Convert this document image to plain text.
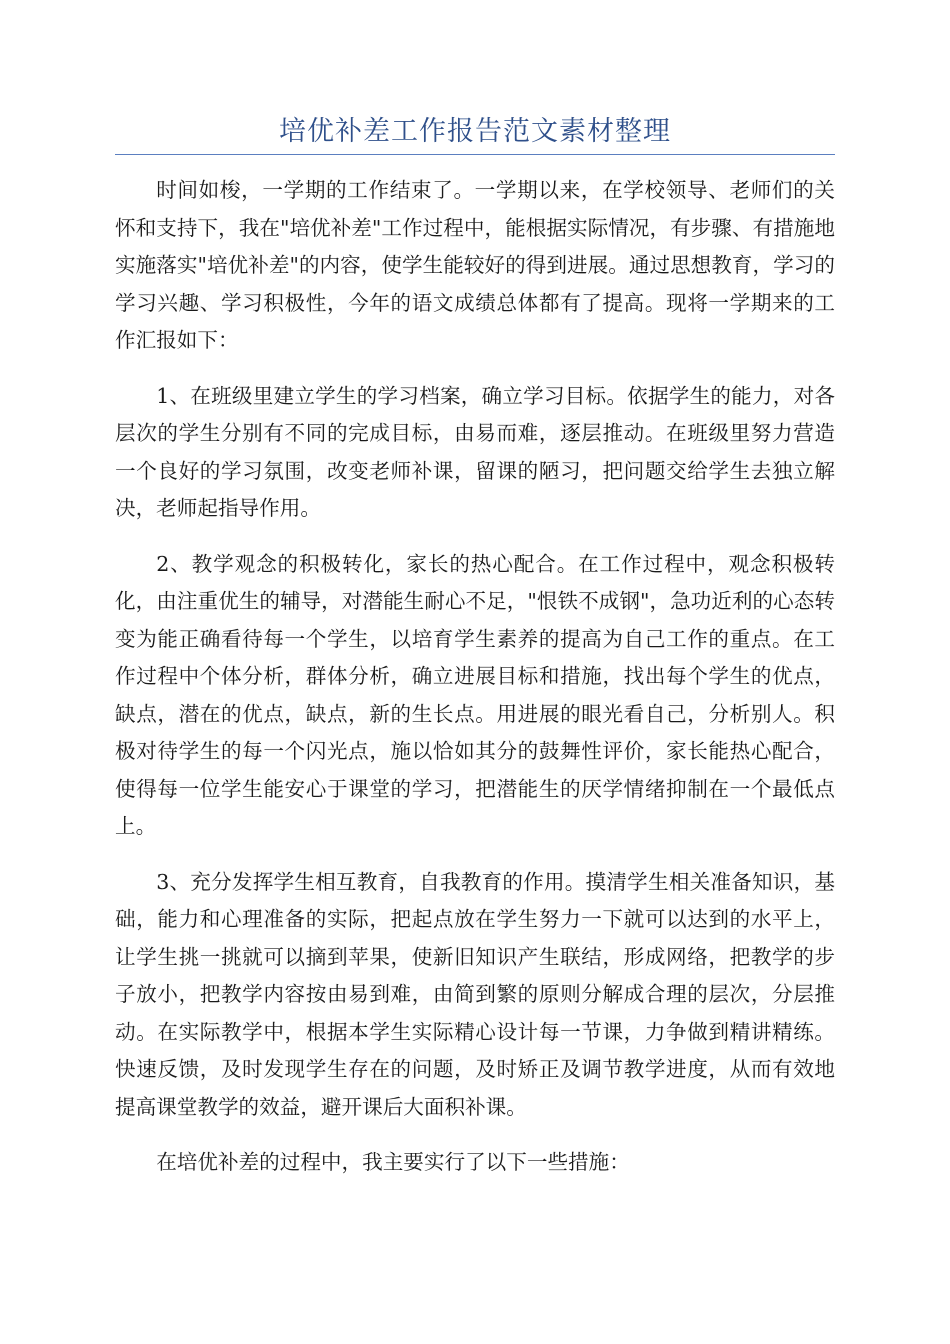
培优补差工作报告范文素材整理

时间如梭，一学期的工作结束了。一学期以来，在学校领导、老师们的关怀和支持下，我在"培优补差"工作过程中，能根据实际情况，有步骤、有措施地实施落实"培优补差"的内容，使学生能较好的得到进展。通过思想教育，学习的学习兴趣、学习积极性，今年的语文成绩总体都有了提高。现将一学期来的工作汇报如下：

1、在班级里建立学生的学习档案，确立学习目标。依据学生的能力，对各层次的学生分别有不同的完成目标，由易而难，逐层推动。在班级里努力营造一个良好的学习氛围，改变老师补课，留课的陋习，把问题交给学生去独立解决，老师起指导作用。

2、教学观念的积极转化，家长的热心配合。在工作过程中，观念积极转化，由注重优生的辅导，对潜能生耐心不足，"恨铁不成钢"，急功近利的心态转变为能正确看待每一个学生，以培育学生素养的提高为自己工作的重点。在工作过程中个体分析，群体分析，确立进展目标和措施，找出每个学生的优点，缺点，潜在的优点，缺点，新的生长点。用进展的眼光看自己，分析别人。积极对待学生的每一个闪光点，施以恰如其分的鼓舞性评价，家长能热心配合，使得每一位学生能安心于课堂的学习，把潜能生的厌学情绪抑制在一个最低点上。

3、充分发挥学生相互教育，自我教育的作用。摸清学生相关准备知识，基础，能力和心理准备的实际，把起点放在学生努力一下就可以达到的水平上，让学生挑一挑就可以摘到苹果，使新旧知识产生联结，形成网络，把教学的步子放小，把教学内容按由易到难，由简到繁的原则分解成合理的层次，分层推动。在实际教学中，根据本学生实际精心设计每一节课，力争做到精讲精练。快速反馈，及时发现学生存在的问题，及时矫正及调节教学进度，从而有效地提高课堂教学的效益，避开课后大面积补课。

在培优补差的过程中，我主要实行了以下一些措施：
